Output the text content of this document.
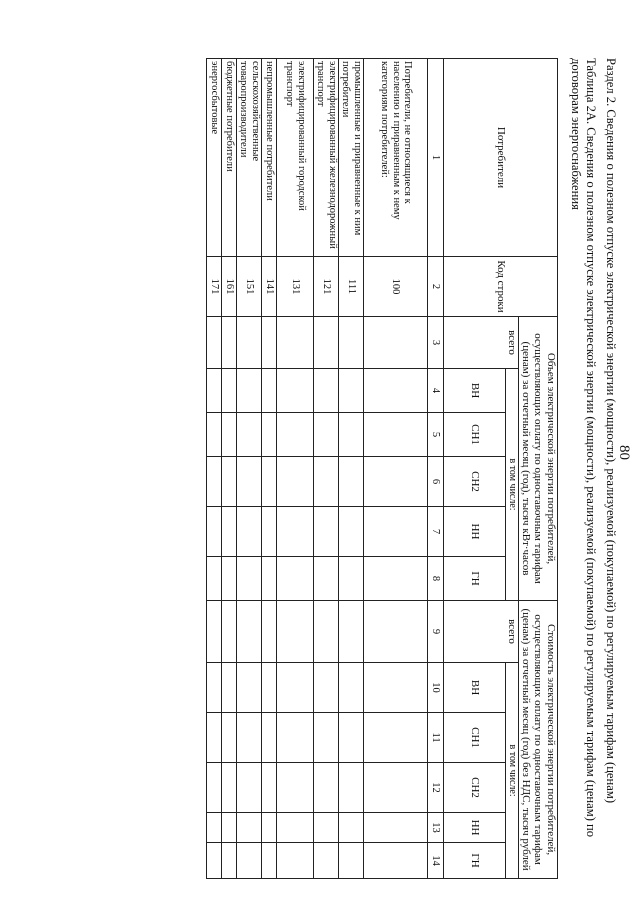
80
Раздел 2. Сведения о полезном отпуске электрической энергии (мощности), реализуемой (покупаемой) по регулируемым тарифам (ценам)
Таблица 2А. Сведения о полезном отпуске электрической энергии (мощности), реализуемой (покупаемой) по регулируемым тарифам (ценам) по договорам энергоснабжения
Потребители	Код строки	Объем электрической энергии потребителей, осуществляющих оплату по одноставочным тарифам (ценам) за отчетный месяц (год), тысяч кВт·часов						Стоимость электрической энергии потребителей, осуществляющих оплату по одноставочным тарифам (ценам) за отчетный месяц (год) без НДС, тысяч рублей					
		всего	в том числе:					всего	в том числе:				
			ВН	СН1	СН2	НН	ГН		ВН	СН1	СН2	НН	ГН
1	2	3	4	5	6	7	8	9	10	11	12	13	14
Потребители, не относящиеся к населению и приравненным к нему категориям потребителей:	100												
промышленные и приравненные к ним потребители	111												
электрифицированный железнодорожный транспорт	121												
электрифицированный городской транспорт	131												
непромышленные потребители	141												
сельскохозяйственные товаропроизводители	151												
бюджетные потребители	161												
энергосбытовые	171												
